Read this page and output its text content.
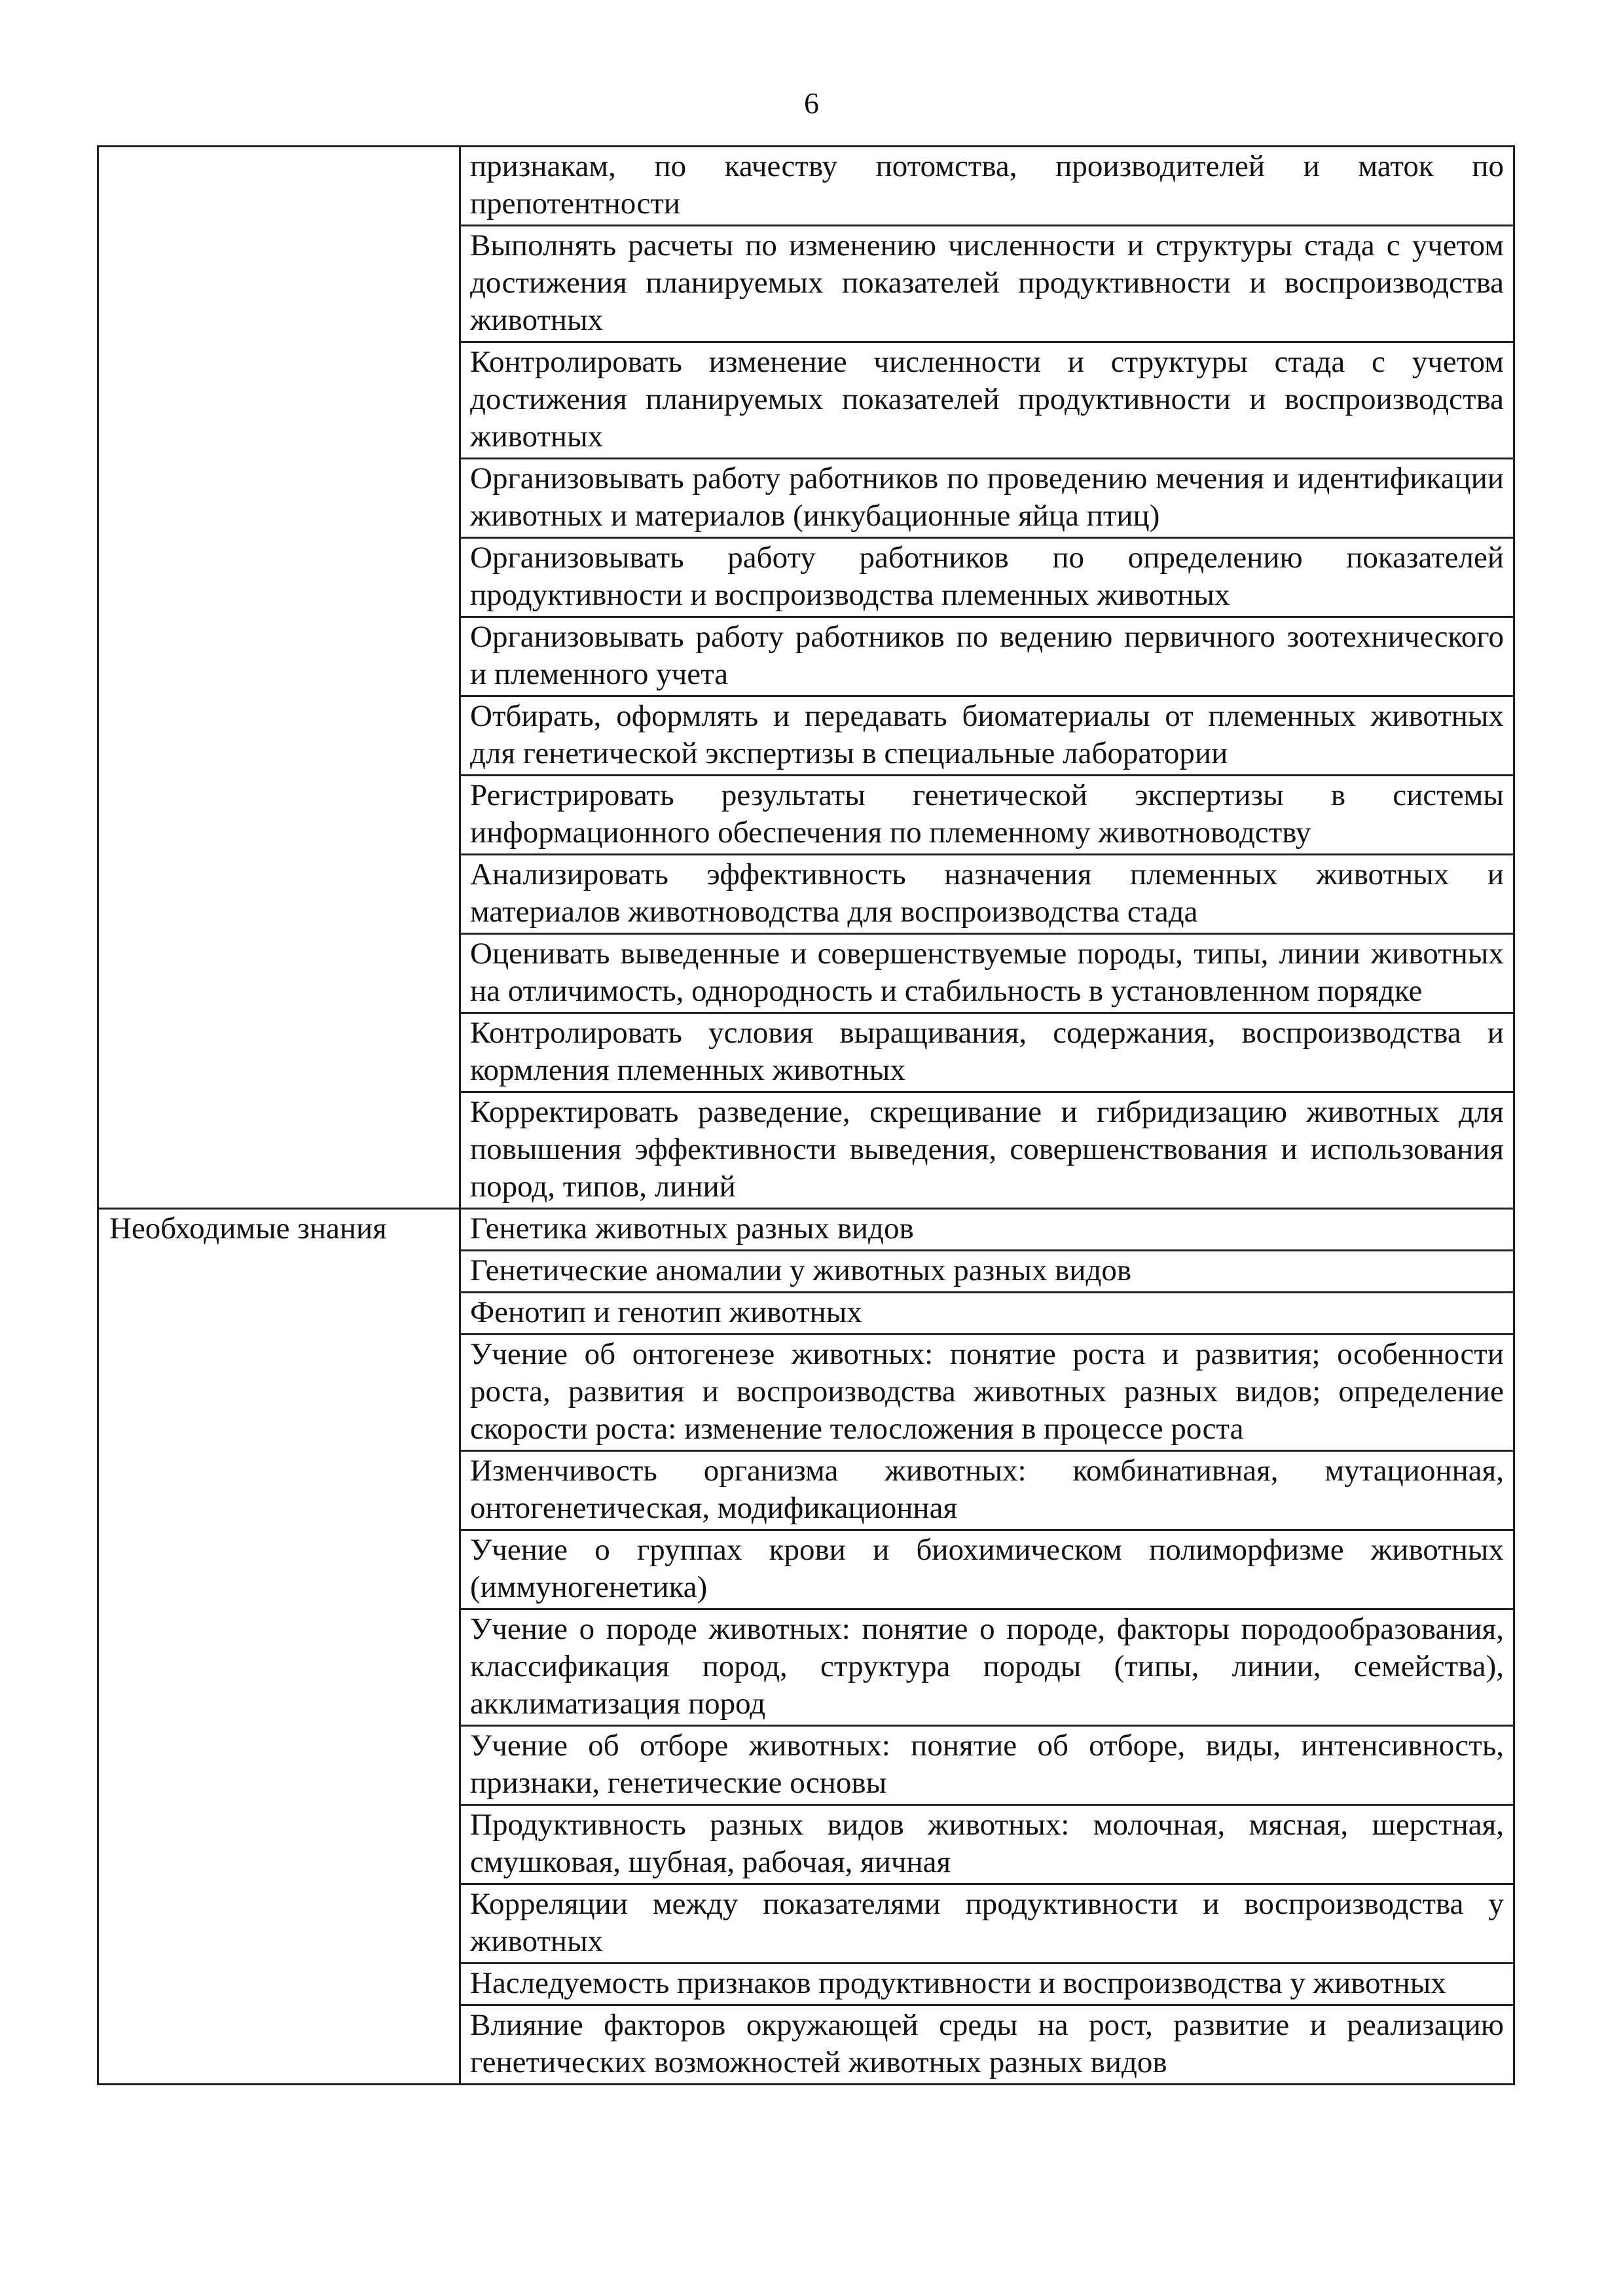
6
	признакам, по качеству потомства, производителей и маток по препотентности
	Выполнять расчеты по изменению численности и структуры стада с учетом достижения планируемых показателей продуктивности и воспроизводства животных
	Контролировать изменение численности и структуры стада с учетом достижения планируемых показателей продуктивности и воспроизводства животных
	Организовывать работу работников по проведению мечения и идентификации животных и материалов (инкубационные яйца птиц)
	Организовывать работу работников по определению показателей продуктивности и воспроизводства племенных животных
	Организовывать работу работников по ведению первичного зоотехнического и племенного учета
	Отбирать, оформлять и передавать биоматериалы от племенных животных для генетической экспертизы в специальные лаборатории
	Регистрировать результаты генетической экспертизы в системы информационного обеспечения по племенному животноводству
	Анализировать эффективность назначения племенных животных и материалов животноводства для воспроизводства стада
	Оценивать выведенные и совершенствуемые породы, типы, линии животных на отличимость, однородность и стабильность в установленном порядке
	Контролировать условия выращивания, содержания, воспроизводства и кормления племенных животных
	Корректировать разведение, скрещивание и гибридизацию животных для повышения эффективности выведения, совершенствования и использования пород, типов, линий
Необходимые знания	Генетика животных разных видов
	Генетические аномалии у животных разных видов
	Фенотип и генотип животных
	Учение об онтогенезе животных: понятие роста и развития; особенности роста, развития и воспроизводства животных разных видов; определение скорости роста: изменение телосложения в процессе роста
	Изменчивость организма животных: комбинативная, мутационная, онтогенетическая, модификационная
	Учение о группах крови и биохимическом полиморфизме животных (иммуногенетика)
	Учение о породе животных: понятие о породе, факторы породообразования, классификация пород, структура породы (типы, линии, семейства), акклиматизация пород
	Учение об отборе животных: понятие об отборе, виды, интенсивность, признаки, генетические основы
	Продуктивность разных видов животных: молочная, мясная, шерстная, смушковая, шубная, рабочая, яичная
	Корреляции между показателями продуктивности и воспроизводства у животных
	Наследуемость признаков продуктивности и воспроизводства у животных
	Влияние факторов окружающей среды на рост, развитие и реализацию генетических возможностей животных разных видов
